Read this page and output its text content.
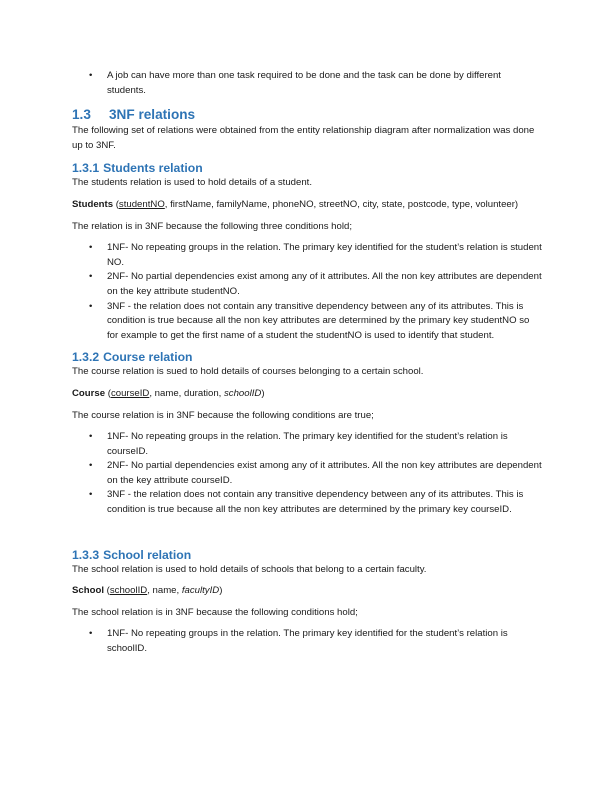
• A job can have more than one task required to be done and the task can be done by different students.
1.3 3NF relations

The following set of relations were obtained from the entity relationship diagram after normalization was done up to 3NF.

1.3.1 Students relation

The students relation is used to hold details of a student.

Students (studentNO, firstName, familyName, phoneNO, streetNO, city, state, postcode, type, volunteer)

The relation is in 3NF because the following three conditions hold;

• 1NF- No repeating groups in the relation. The primary key identified for the student’s relation is student NO.
• 2NF- No partial dependencies exist among any of it attributes. All the non key attributes are dependent on the key attribute studentNO.
• 3NF - the relation does not contain any transitive dependency between any of its attributes. This is condition is true because all the non key attributes are determined by the primary key studentNO so for example to get the first name of a student the studentNO is used to identify that student.
1.3.2 Course relation

The course relation is sued to hold details of courses belonging to a certain school.

Course (courseID, name, duration, schoolID)

The course relation is in 3NF because the following conditions are true;

• 1NF- No repeating groups in the relation. The primary key identified for the student’s relation is courseID.
• 2NF- No partial dependencies exist among any of it attributes. All the non key attributes are dependent on the key attribute courseID.
• 3NF - the relation does not contain any transitive dependency between any of its attributes. This is condition is true because all the non key attributes are determined by the primary key courseID.
1.3.3 School relation

The school relation is used to hold details of schools that belong to a certain faculty.

School (schoolID, name, facultyID)

The school relation is in 3NF because the following conditions hold;

• 1NF- No repeating groups in the relation. The primary key identified for the student’s relation is schoolID.
